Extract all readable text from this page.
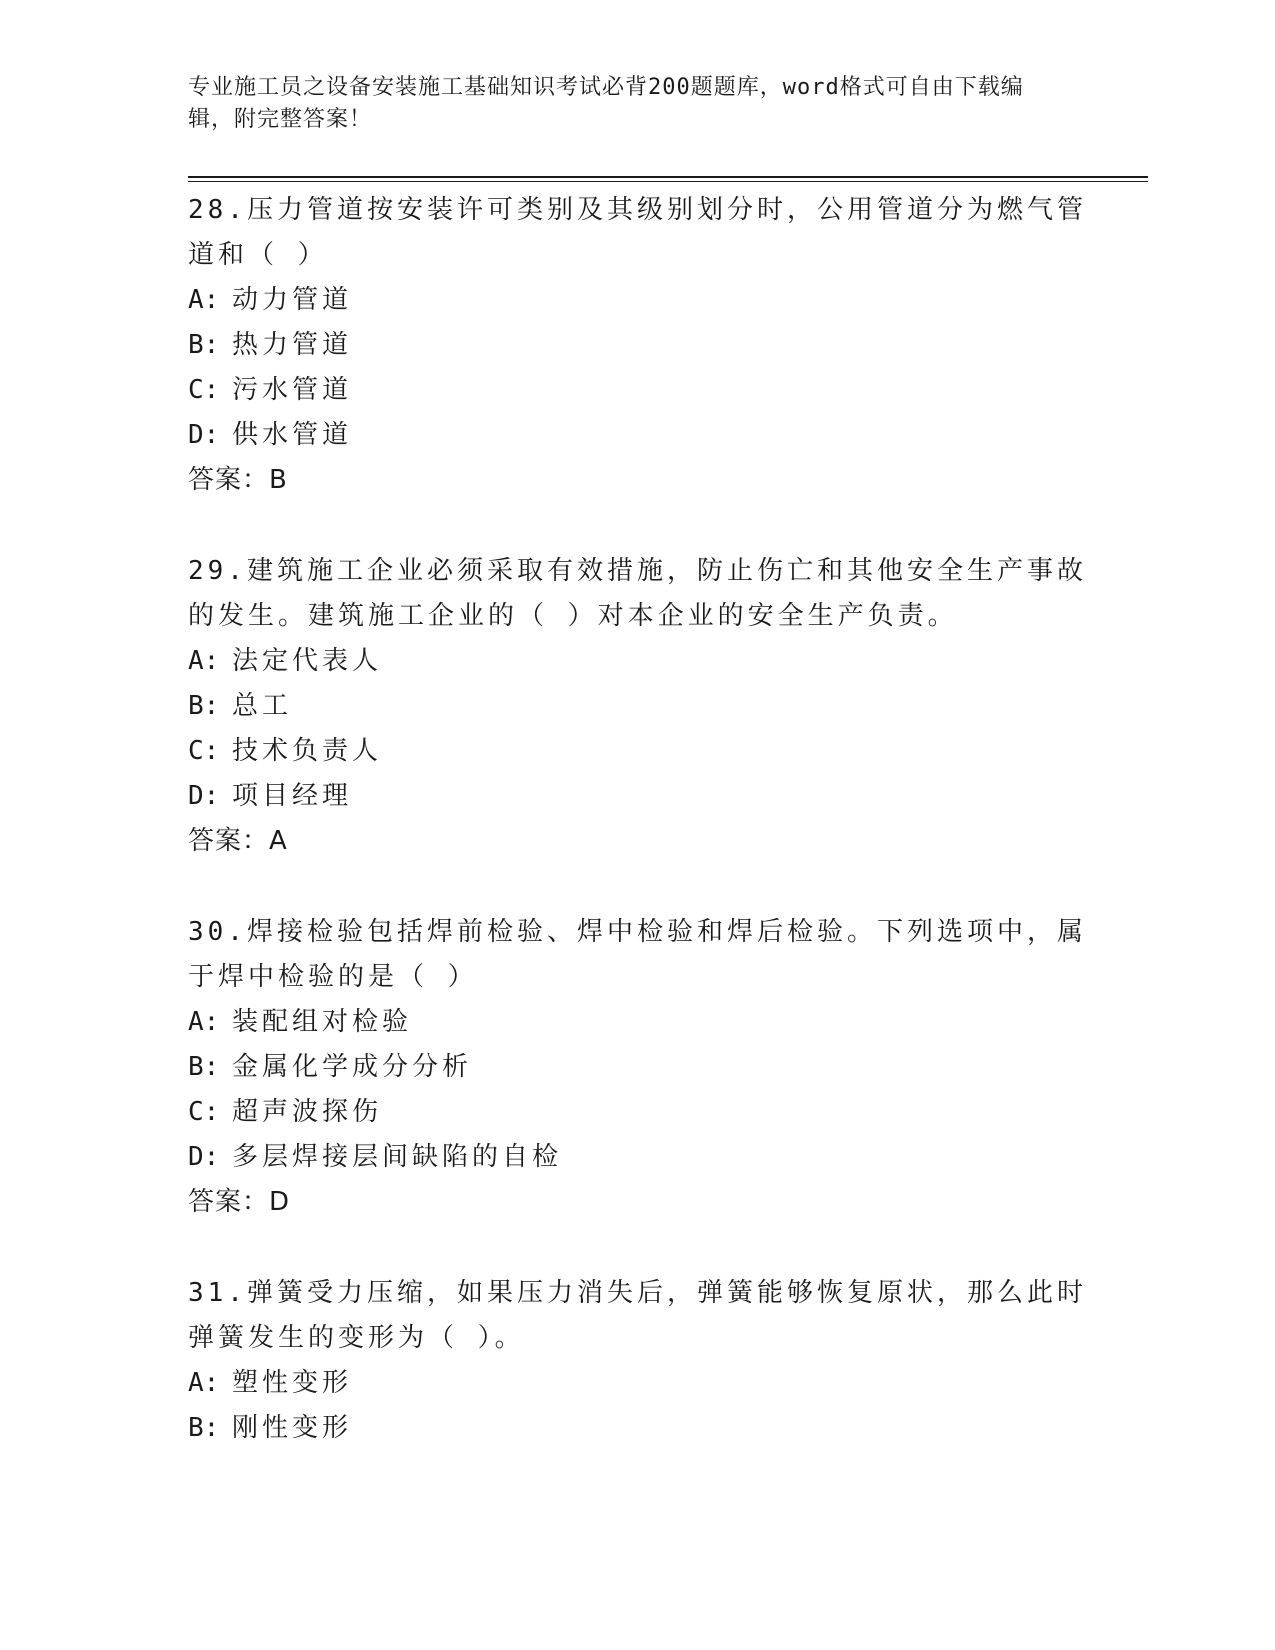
专业施工员之设备安装施工基础知识考试必背200题题库，word格式可自由下载编辑，附完整答案！
28.压力管道按安装许可类别及其级别划分时，公用管道分为燃气管道和（ ）
A: 动力管道
B: 热力管道
C: 污水管道
D: 供水管道
答案：B
29.建筑施工企业必须采取有效措施，防止伤亡和其他安全生产事故的发生。建筑施工企业的（ ）对本企业的安全生产负责。
A: 法定代表人
B: 总工
C: 技术负责人
D: 项目经理
答案：A
30.焊接检验包括焊前检验、焊中检验和焊后检验。下列选项中，属于焊中检验的是（ ）
A: 装配组对检验
B: 金属化学成分分析
C: 超声波探伤
D: 多层焊接层间缺陷的自检
答案：D
31.弹簧受力压缩，如果压力消失后，弹簧能够恢复原状，那么此时弹簧发生的变形为（ ）。
A: 塑性变形
B: 刚性变形
